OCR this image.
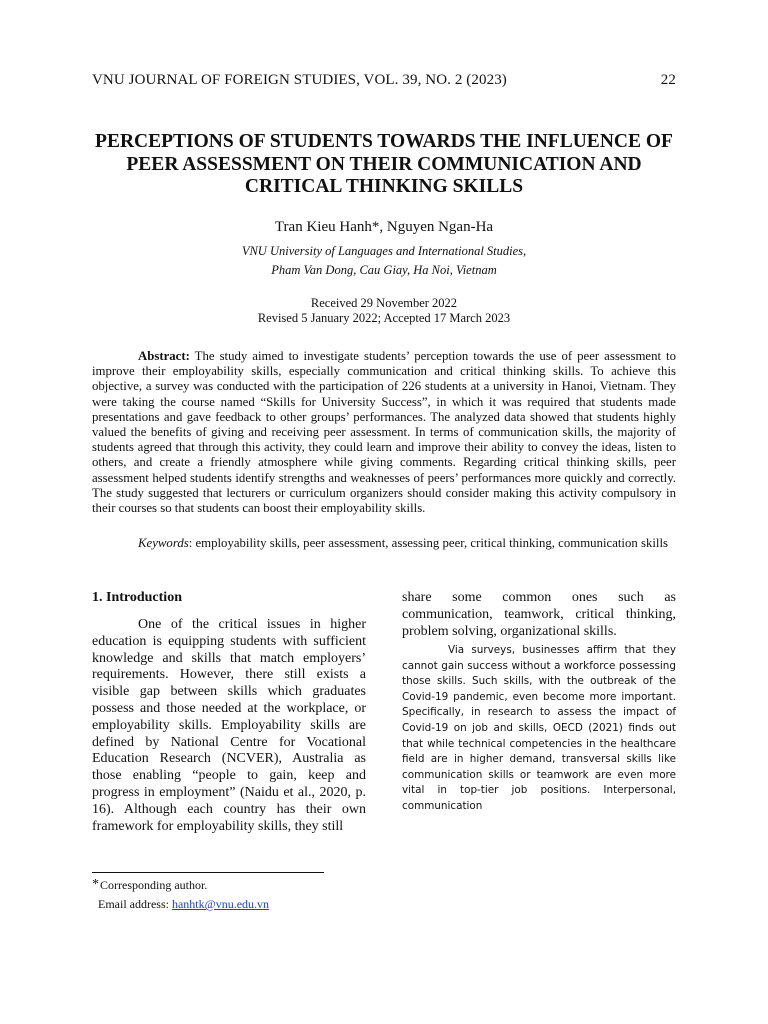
VNU JOURNAL OF FOREIGN STUDIES, VOL. 39, NO. 2 (2023)	22
PERCEPTIONS OF STUDENTS TOWARDS THE INFLUENCE OF PEER ASSESSMENT ON THEIR COMMUNICATION AND CRITICAL THINKING SKILLS
Tran Kieu Hanh*, Nguyen Ngan-Ha
VNU University of Languages and International Studies,
Pham Van Dong, Cau Giay, Ha Noi, Vietnam
Received 29 November 2022
Revised 5 January 2022; Accepted 17 March 2023

Abstract: The study aimed to investigate students’ perception towards the use of peer assessment to improve their employability skills, especially communication and critical thinking skills. To achieve this objective, a survey was conducted with the participation of 226 students at a university in Hanoi, Vietnam. They were taking the course named “Skills for University Success”, in which it was required that students made presentations and gave feedback to other groups’ performances. The analyzed data showed that students highly valued the benefits of giving and receiving peer assessment. In terms of communication skills, the majority of students agreed that through this activity, they could learn and improve their ability to convey the ideas, listen to others, and create a friendly atmosphere while giving comments. Regarding critical thinking skills, peer assessment helped students identify strengths and weaknesses of peers’ performances more quickly and correctly. The study suggested that lecturers or curriculum organizers should consider making this activity compulsory in their courses so that students can boost their employability skills.

Keywords: employability skills, peer assessment, assessing peer, critical thinking, communication skills

1. Introduction

One of the critical issues in higher education is equipping students with sufficient knowledge and skills that match employers’ requirements. However, there still exists a visible gap between skills which graduates possess and those needed at the workplace, or employability skills. Employability skills are defined by National Centre for Vocational Education Research (NCVER), Australia as those enabling “people to gain, keep and progress in employment” (Naidu et al., 2020, p. 16). Although each country has their own framework for employability skills, they still

share some common ones such as communication, teamwork, critical thinking, problem solving, organizational skills.

Via surveys, businesses affirm that they cannot gain success without a workforce possessing those skills. Such skills, with the outbreak of the Covid-19 pandemic, even become more important. Specifically, in research to assess the impact of Covid-19 on job and skills, OECD (2021) finds out that while technical competencies in the healthcare field are in higher demand, transversal skills like communication skills or teamwork are even more vital in top-tier job positions. Interpersonal, communication

*Corresponding author.
Email address: hanhtk@vnu.edu.vn
